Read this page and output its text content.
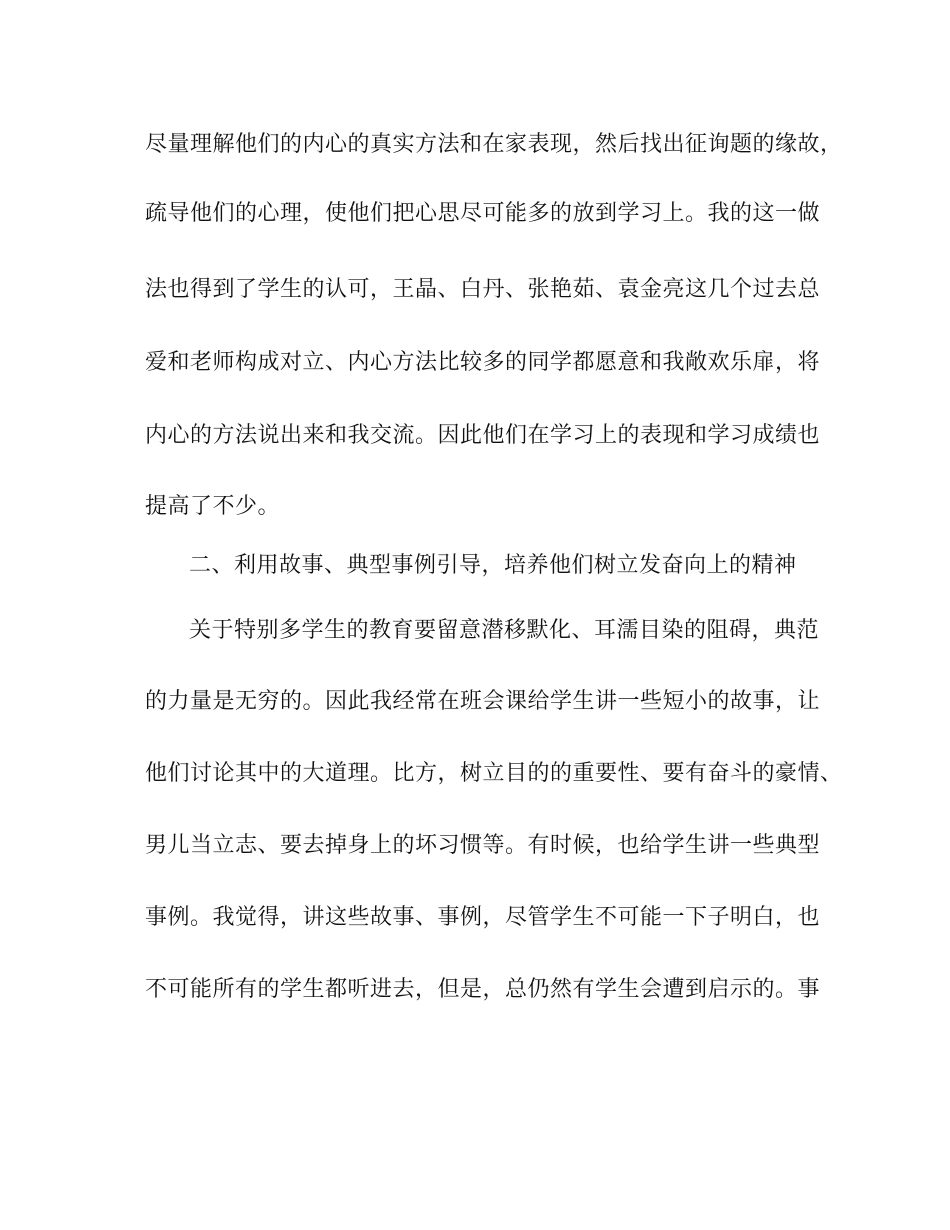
尽量理解他们的内心的真实方法和在家表现，然后找出征询题的缘故，
疏导他们的心理，使他们把心思尽可能多的放到学习上。我的这一做
法也得到了学生的认可，王晶、白丹、张艳茹、袁金亮这几个过去总
爱和老师构成对立、内心方法比较多的同学都愿意和我敞欢乐扉，将
内心的方法说出来和我交流。因此他们在学习上的表现和学习成绩也
提高了不少。
二、利用故事、典型事例引导，培养他们树立发奋向上的精神
关于特别多学生的教育要留意潜移默化、耳濡目染的阻碍，典范
的力量是无穷的。因此我经常在班会课给学生讲一些短小的故事，让
他们讨论其中的大道理。比方，树立目的的重要性、要有奋斗的豪情、
男儿当立志、要去掉身上的坏习惯等。有时候，也给学生讲一些典型
事例。我觉得，讲这些故事、事例，尽管学生不可能一下子明白，也
不可能所有的学生都听进去，但是，总仍然有学生会遭到启示的。事
